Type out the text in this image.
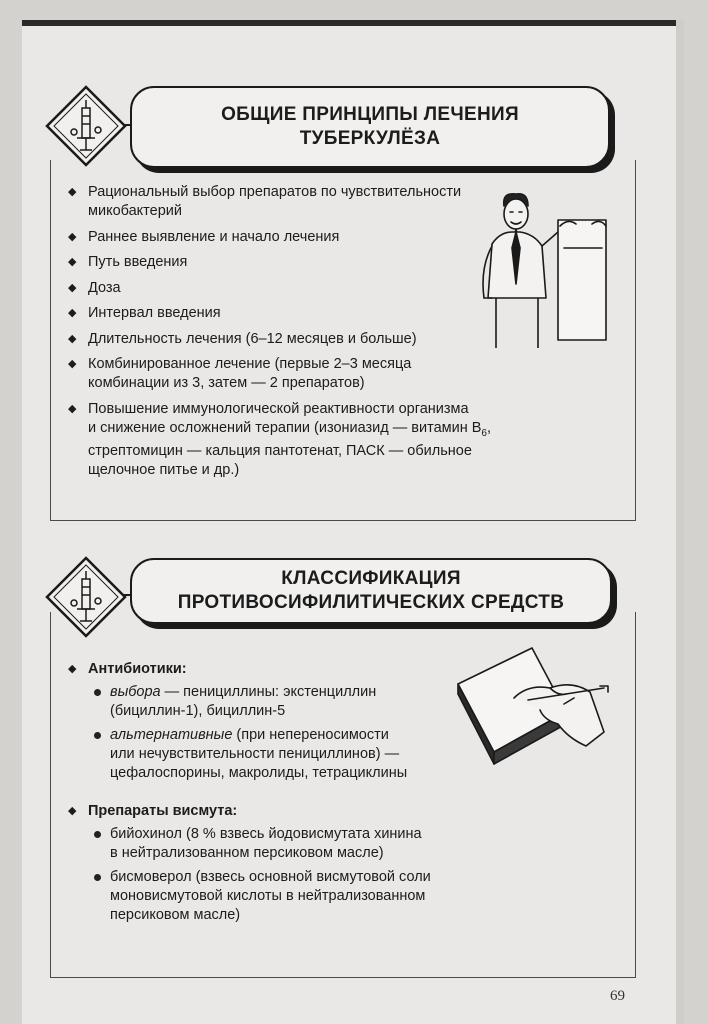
ОБЩИЕ ПРИНЦИПЫ ЛЕЧЕНИЯ
ТУБЕРКУЛЁЗА
◆ Рациональный выбор препаратов по чувствительности
микобактерий
◆ Раннее выявление и начало лечения
◆ Путь введения
◆ Доза
◆ Интервал введения
◆ Длительность лечения (6–12 месяцев и больше)
◆ Комбинированное лечение (первые 2–3 месяца
комбинации из 3, затем — 2 препаратов)
◆ Повышение иммунологической реактивности организма
и снижение осложнений терапии (изониазид — витамин $B_6$,
стрептомицин — кальция пантотенат, ПАСК — обильное
щелочное питье и др.)
КЛАССИФИКАЦИЯ
ПРОТИВОСИФИЛИТИЧЕСКИХ СРЕДСТВ
◆ Антибиотики:
выбора — пенициллины: экстенциллин
(бициллин-1), бициллин-5
альтернативные (при непереносимости
или нечувствительности пенициллинов) —
цефалоспорины, макролиды, тетрациклины
◆ Препараты висмута:
бийохинол (8 % взвесь йодовисмутата хинина
в нейтрализованном персиковом масле)
бисмоверол (взвесь основной висмутовой соли
моновисмутовой кислоты в нейтрализованном
персиковом масле)
69
